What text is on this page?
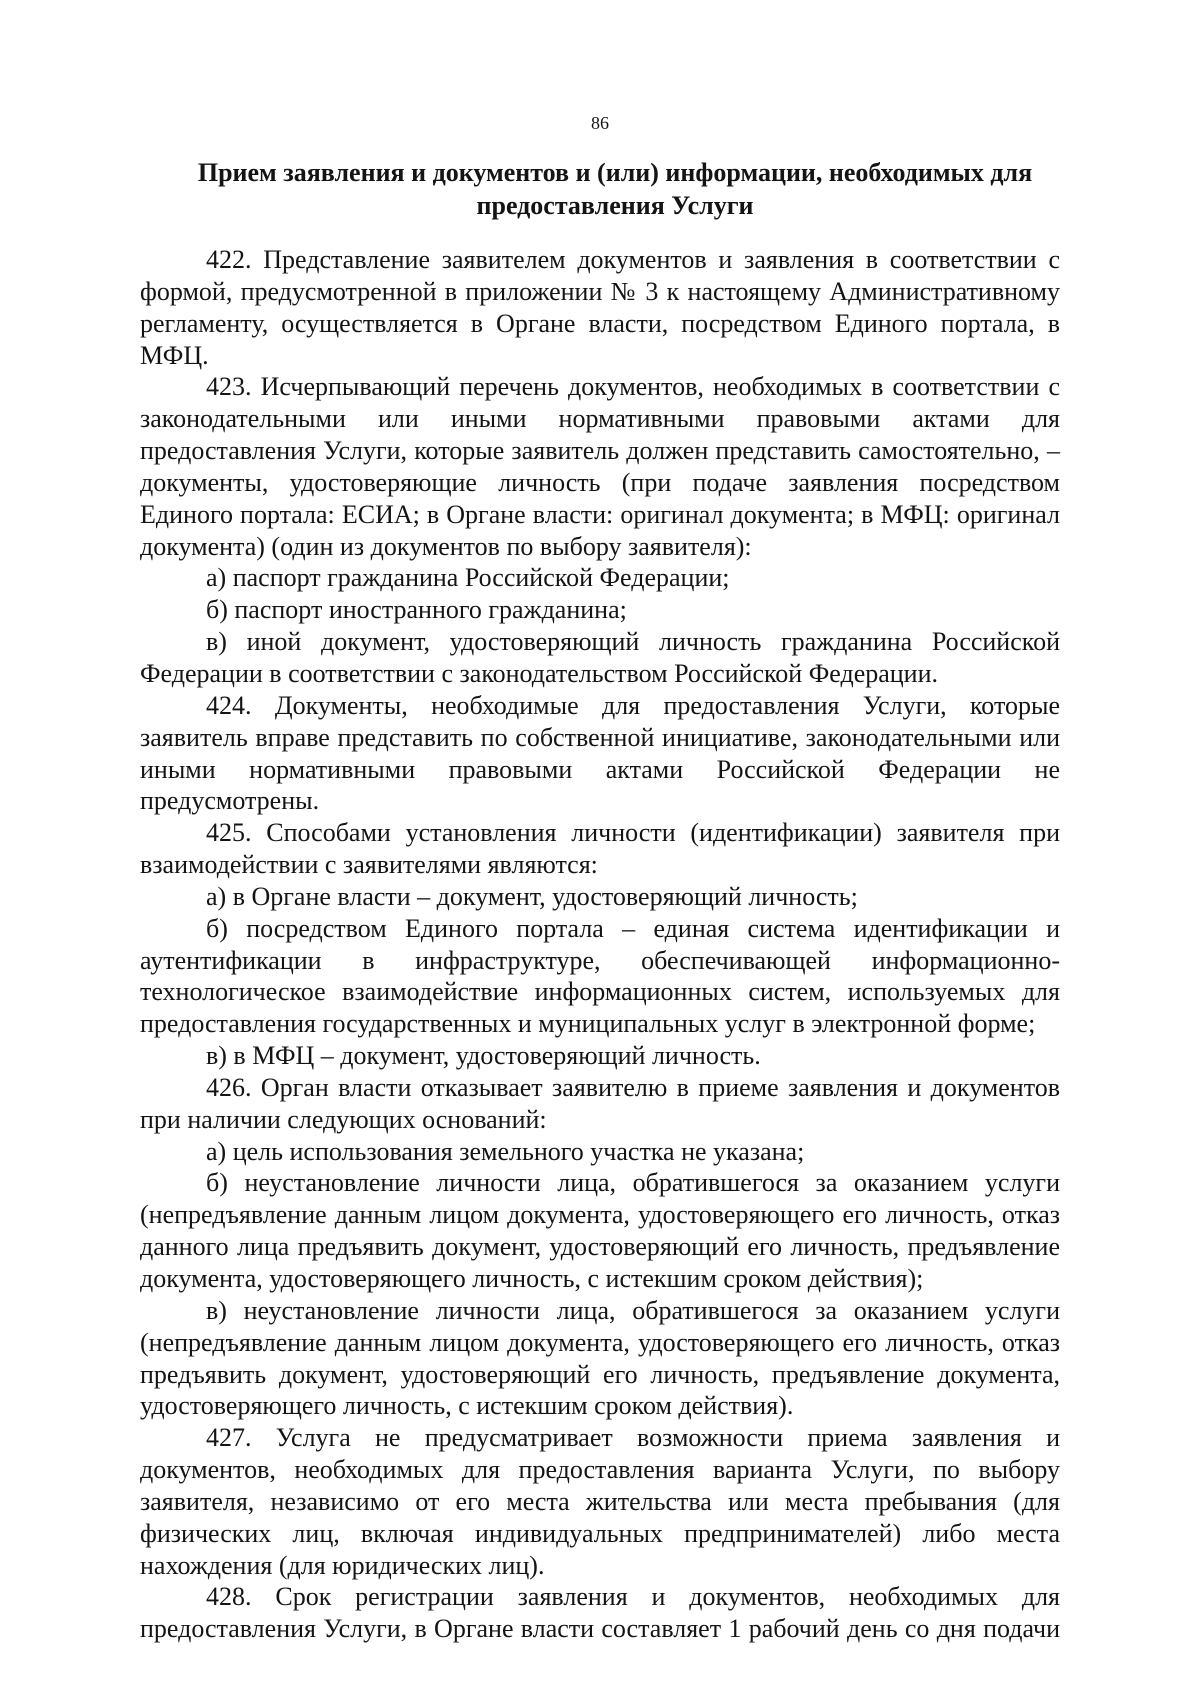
86
Прием заявления и документов и (или) информации, необходимых для предоставления Услуги

422. Представление заявителем документов и заявления в соответствии с формой, предусмотренной в приложении № 3 к настоящему Административному регламенту, осуществляется в Органе власти, посредством Единого портала, в МФЦ.

423. Исчерпывающий перечень документов, необходимых в соответствии с законодательными или иными нормативными правовыми актами для предоставления Услуги, которые заявитель должен представить самостоятельно, – документы, удостоверяющие личность (при подаче заявления посредством Единого портала: ЕСИА; в Органе власти: оригинал документа; в МФЦ: оригинал документа) (один из документов по выбору заявителя):

а) паспорт гражданина Российской Федерации;

б) паспорт иностранного гражданина;

в) иной документ, удостоверяющий личность гражданина Российской Федерации в соответствии с законодательством Российской Федерации.

424. Документы, необходимые для предоставления Услуги, которые заявитель вправе представить по собственной инициативе, законодательными или иными нормативными правовыми актами Российской Федерации не предусмотрены.

425. Способами установления личности (идентификации) заявителя при взаимодействии с заявителями являются:

а) в Органе власти – документ, удостоверяющий личность;

б) посредством Единого портала – единая система идентификации и аутентификации в инфраструктуре, обеспечивающей информационно-технологическое взаимодействие информационных систем, используемых для предоставления государственных и муниципальных услуг в электронной форме;

в) в МФЦ – документ, удостоверяющий личность.

426. Орган власти отказывает заявителю в приеме заявления и документов при наличии следующих оснований:

а) цель использования земельного участка не указана;

б) неустановление личности лица, обратившегося за оказанием услуги (непредъявление данным лицом документа, удостоверяющего его личность, отказ данного лица предъявить документ, удостоверяющий его личность, предъявление документа, удостоверяющего личность, с истекшим сроком действия);

в) неустановление личности лица, обратившегося за оказанием услуги (непредъявление данным лицом документа, удостоверяющего его личность, отказ предъявить документ, удостоверяющий его личность, предъявление документа, удостоверяющего личность, с истекшим сроком действия).

427. Услуга не предусматривает возможности приема заявления и документов, необходимых для предоставления варианта Услуги, по выбору заявителя, независимо от его места жительства или места пребывания (для физических лиц, включая индивидуальных предпринимателей) либо места нахождения (для юридических лиц).

428. Срок регистрации заявления и документов, необходимых для предоставления Услуги, в Органе власти составляет 1 рабочий день со дня подачи
